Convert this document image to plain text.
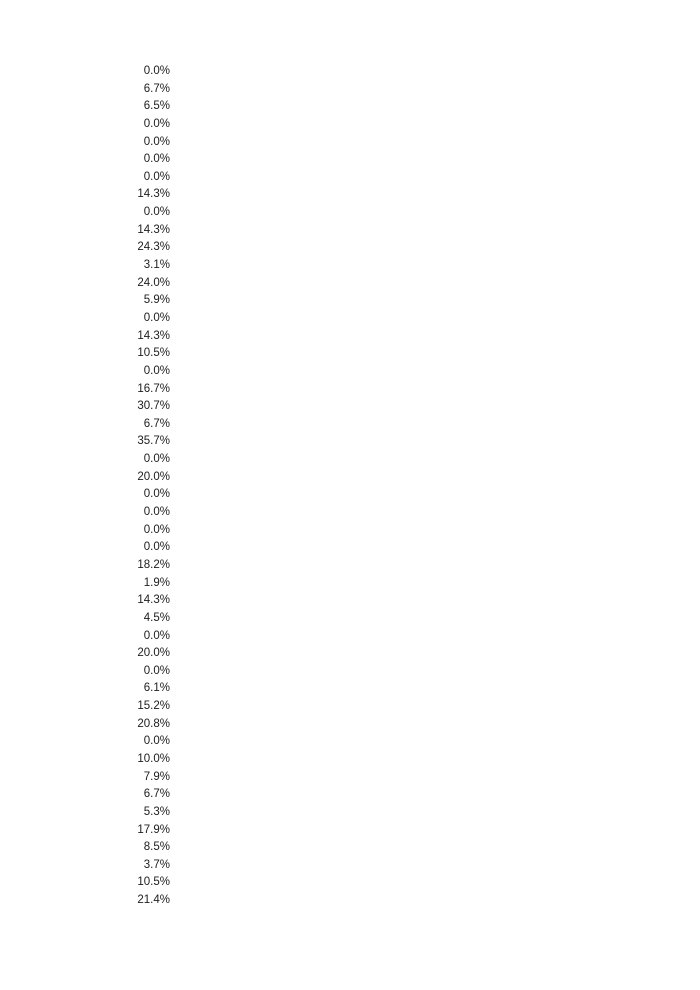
0.0%
6.7%
6.5%
0.0%
0.0%
0.0%
0.0%
14.3%
0.0%
14.3%
24.3%
3.1%
24.0%
5.9%
0.0%
14.3%
10.5%
0.0%
16.7%
30.7%
6.7%
35.7%
0.0%
20.0%
0.0%
0.0%
0.0%
0.0%
18.2%
1.9%
14.3%
4.5%
0.0%
20.0%
0.0%
6.1%
15.2%
20.8%
0.0%
10.0%
7.9%
6.7%
5.3%
17.9%
8.5%
3.7%
10.5%
21.4%
